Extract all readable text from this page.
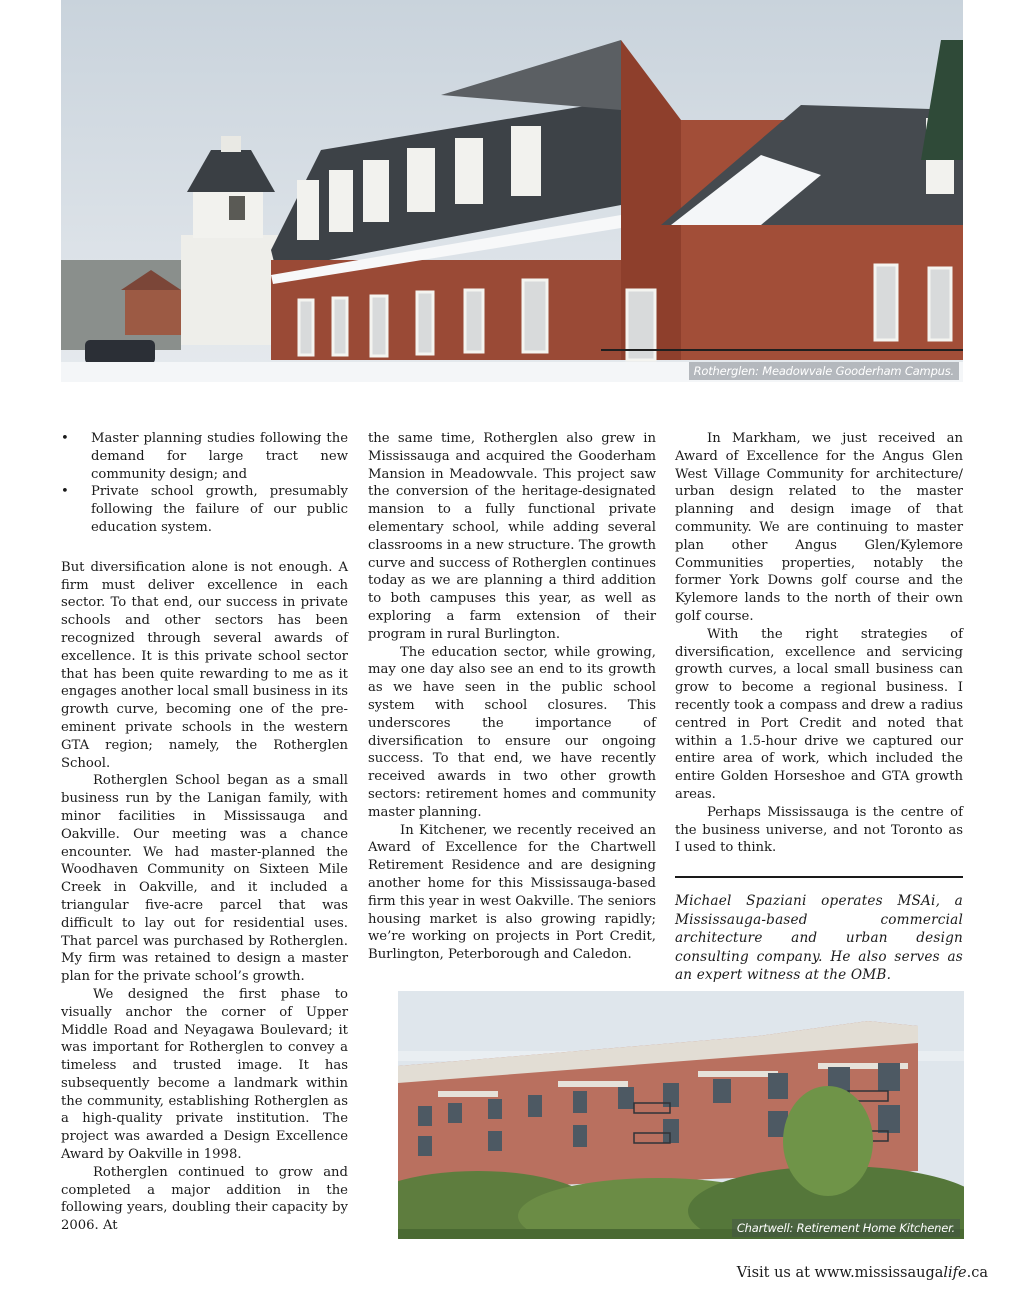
Rotherglen: Meadowvale Gooderham Campus.
• Master planning studies following the demand for large tract new community design; and
• Private school growth, presumably following the failure of our public education system.

But diversification alone is not enough. A firm must deliver excellence in each sector. To that end, our success in private schools and other sectors has been recognized through several awards of excellence. It is this private school sector that has been quite rewarding to me as it engages another local small business in its growth curve, becoming one of the pre-eminent private schools in the western GTA region; namely, the Rotherglen School.

Rotherglen School began as a small business run by the Lanigan family, with minor facilities in Mississauga and Oakville. Our meeting was a chance encounter. We had master-planned the Woodhaven Community on Sixteen Mile Creek in Oakville, and it included a triangular five-acre parcel that was difficult to lay out for residential uses. That parcel was purchased by Rotherglen. My firm was retained to design a master plan for the private school’s growth.

We designed the first phase to visually anchor the corner of Upper Middle Road and Neyagawa Boulevard; it was important for Rotherglen to convey a timeless and trusted image. It has subsequently become a landmark within the community, establishing Rotherglen as a high-quality private institution. The project was awarded a Design Excellence Award by Oakville in 1998.

Rotherglen continued to grow and completed a major addition in the following years, doubling their capacity by 2006. At

the same time, Rotherglen also grew in Mississauga and acquired the Gooderham Mansion in Meadowvale. This project saw the conversion of the heritage-designated mansion to a fully functional private elementary school, while adding several classrooms in a new structure. The growth curve and success of Rotherglen continues today as we are planning a third addition to both campuses this year, as well as exploring a farm extension of their program in rural Burlington.

The education sector, while growing, may one day also see an end to its growth as we have seen in the public school system with school closures. This underscores the importance of diversification to ensure our ongoing success. To that end, we have recently received awards in two other growth sectors: retirement homes and community master planning.

In Kitchener, we recently received an Award of Excellence for the Chartwell Retirement Residence and are designing another home for this Mississauga-based firm this year in west Oakville. The seniors housing market is also growing rapidly; we’re working on projects in Port Credit, Burlington, Peterborough and Caledon.

In Markham, we just received an Award of Excellence for the Angus Glen West Village Community for architecture/ urban design related to the master planning and design image of that community. We are continuing to master plan other Angus Glen/Kylemore Communities properties, notably the former York Downs golf course and the Kylemore lands to the north of their own golf course.

With the right strategies of diversification, excellence and servicing growth curves, a local small business can grow to become a regional business. I recently took a compass and drew a radius centred in Port Credit and noted that within a 1.5-hour drive we captured our entire area of work, which included the entire Golden Horseshoe and GTA growth areas.

Perhaps Mississauga is the centre of the business universe, and not Toronto as I used to think.

Michael Spaziani operates MSAi, a Mississauga-based commercial architecture and urban design consulting company. He also serves as an expert witness at the OMB.

Chartwell: Retirement Home Kitchener.
Visit us at www.mississaugalife.ca
